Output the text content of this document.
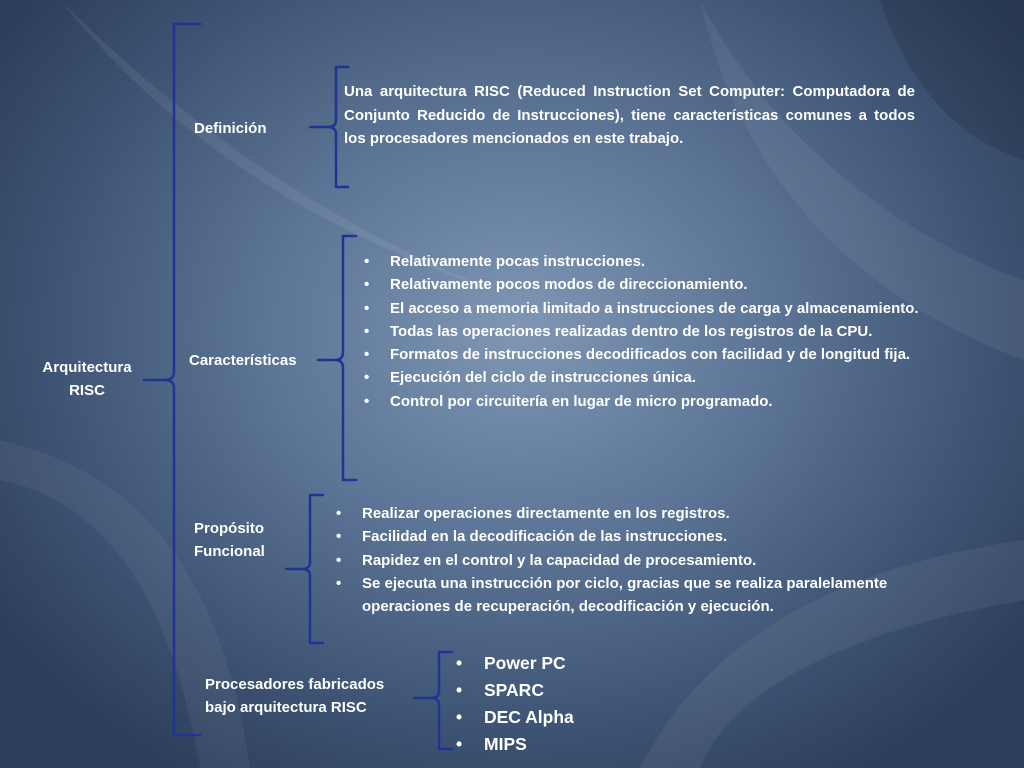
Arquitectura
RISC
Definición
Una arquitectura RISC (Reduced Instruction Set Computer: Computadora de Conjunto Reducido de Instrucciones), tiene características comunes a todos los procesadores mencionados en este trabajo.
Características
• Relativamente pocas instrucciones.
• Relativamente pocos modos de direccionamiento.
• El acceso a memoria limitado a instrucciones de carga y almacenamiento.
• Todas las operaciones realizadas dentro de los registros de la CPU.
• Formatos de instrucciones decodificados con facilidad y de longitud fija.
• Ejecución del ciclo de instrucciones única.
• Control por circuitería en lugar de micro programado.
Propósito
Funcional
• Realizar operaciones directamente en los registros.
• Facilidad en la decodificación de las instrucciones.
• Rapidez en el control y la capacidad de procesamiento.
• Se ejecuta una instrucción por ciclo, gracias que se realiza paralelamente operaciones de recuperación, decodificación y ejecución.
Procesadores fabricados
bajo arquitectura RISC
• Power PC
• SPARC
• DEC Alpha
• MIPS
